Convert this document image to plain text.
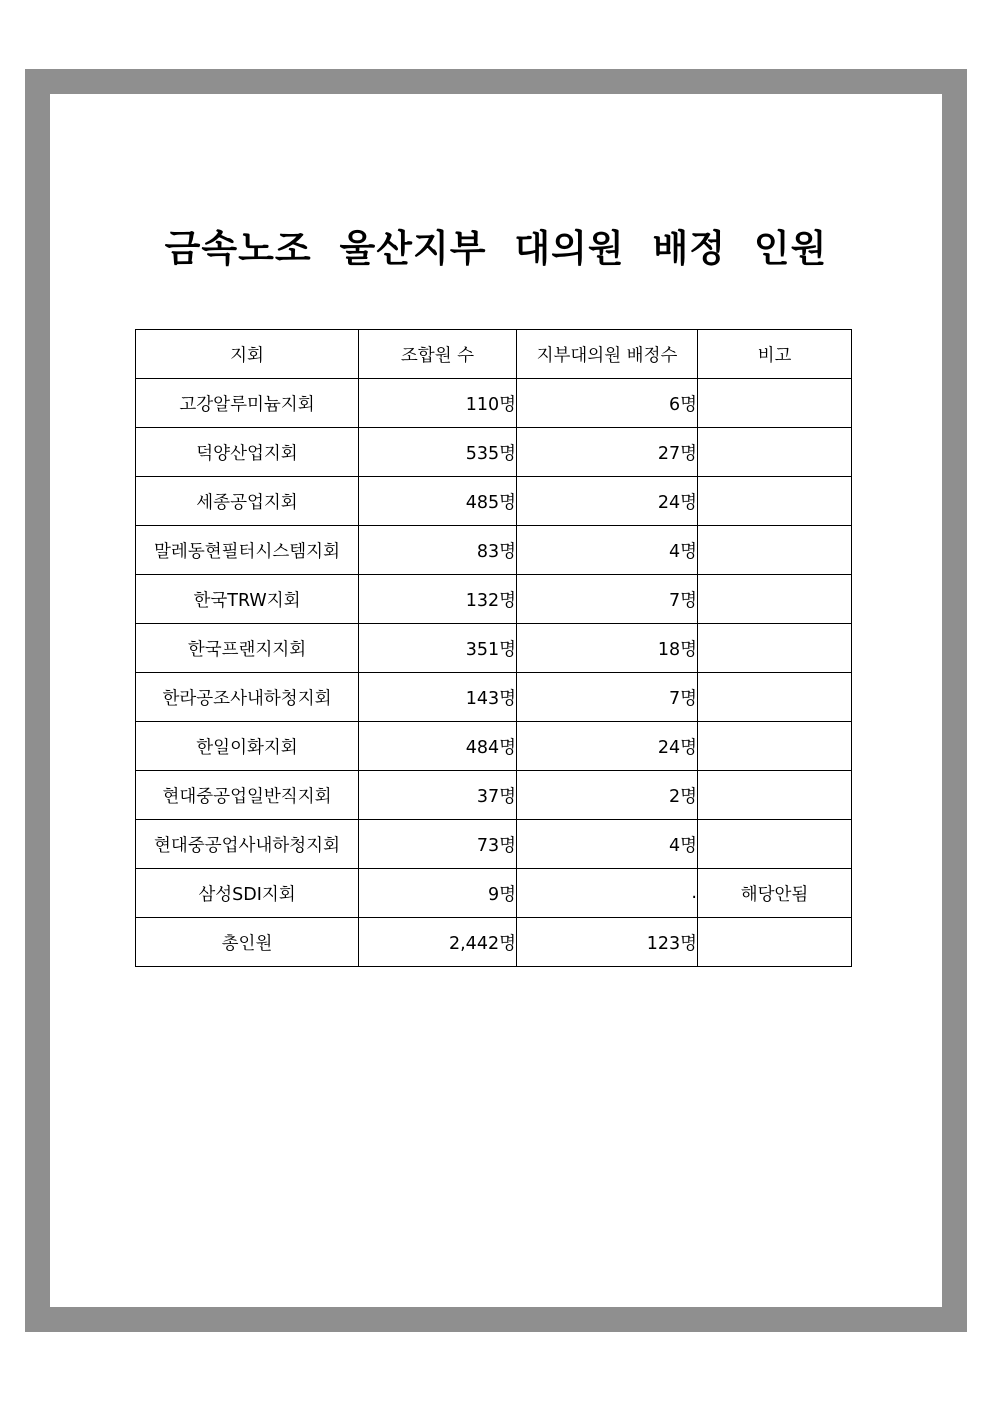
금속노조 울산지부 대의원 배정 인원
지회	조합원 수	지부대의원 배정수	비고
고강알루미늄지회	110명	6명	
덕양산업지회	535명	27명	
세종공업지회	485명	24명	
말레동현필터시스템지회	83명	4명	
한국TRW지회	132명	7명	
한국프랜지지회	351명	18명	
한라공조사내하청지회	143명	7명	
한일이화지회	484명	24명	
현대중공업일반직지회	37명	2명	
현대중공업사내하청지회	73명	4명	
삼성SDI지회	9명	.	해당안됨
총인원	2,442명	123명	
